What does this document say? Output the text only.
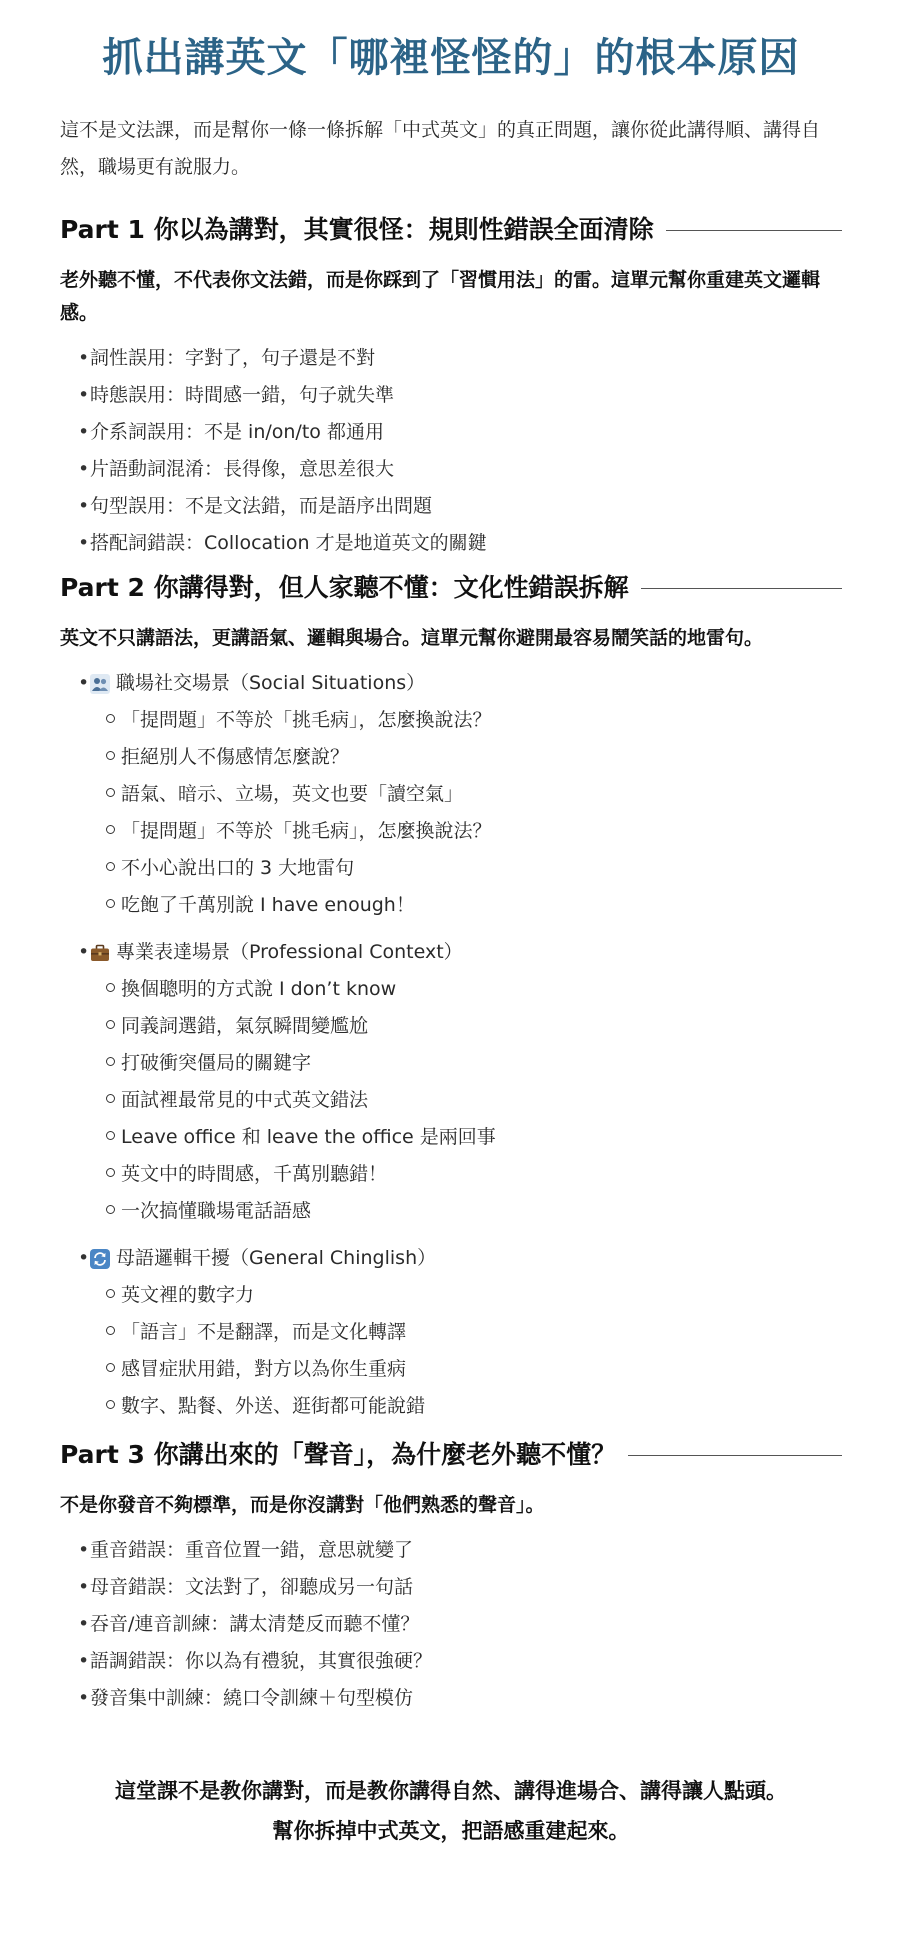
抓出講英文「哪裡怪怪的」的根本原因

這不是文法課，而是幫你一條一條拆解「中式英文」的真正問題，讓你從此講得順、講得自然，職場更有說服力。

Part 1 你以為講對，其實很怪：規則性錯誤全面清除

老外聽不懂，不代表你文法錯，而是你踩到了「習慣用法」的雷。這單元幫你重建英文邏輯感。

•詞性誤用：字對了，句子還是不對
•時態誤用：時間感一錯，句子就失準
•介系詞誤用：不是 in/on/to 都通用
•片語動詞混淆：長得像，意思差很大
•句型誤用：不是文法錯，而是語序出問題
•搭配詞錯誤：Collocation 才是地道英文的關鍵
Part 2 你講得對，但人家聽不懂：文化性錯誤拆解

英文不只講語法，更講語氣、邏輯與場合。這單元幫你避開最容易鬧笑話的地雷句。

• 職場社交場景（Social Situations）
「提問題」不等於「挑毛病」，怎麼換說法？
拒絕別人不傷感情怎麼說？
語氣、暗示、立場，英文也要「讀空氣」
「提問題」不等於「挑毛病」，怎麼換說法？
不小心說出口的 3 大地雷句
吃飽了千萬別說 I have enough！
• 專業表達場景（Professional Context）
換個聰明的方式說 I don’t know
同義詞選錯，氣氛瞬間變尷尬
打破衝突僵局的關鍵字
面試裡最常見的中式英文錯法
Leave office 和 leave the office 是兩回事
英文中的時間感，千萬別聽錯！
一次搞懂職場電話語感
• 母語邏輯干擾（General Chinglish）
英文裡的數字力
「語言」不是翻譯，而是文化轉譯
感冒症狀用錯，對方以為你生重病
數字、點餐、外送、逛街都可能說錯
Part 3 你講出來的「聲音」，為什麼老外聽不懂？

不是你發音不夠標準，而是你沒講對「他們熟悉的聲音」。

•重音錯誤：重音位置一錯，意思就變了
•母音錯誤：文法對了，卻聽成另一句話
•吞音/連音訓練：講太清楚反而聽不懂？
•語調錯誤：你以為有禮貌，其實很強硬？
•發音集中訓練：繞口令訓練＋句型模仿
這堂課不是教你講對，而是教你講得自然、講得進場合、講得讓人點頭。
幫你拆掉中式英文，把語感重建起來。
